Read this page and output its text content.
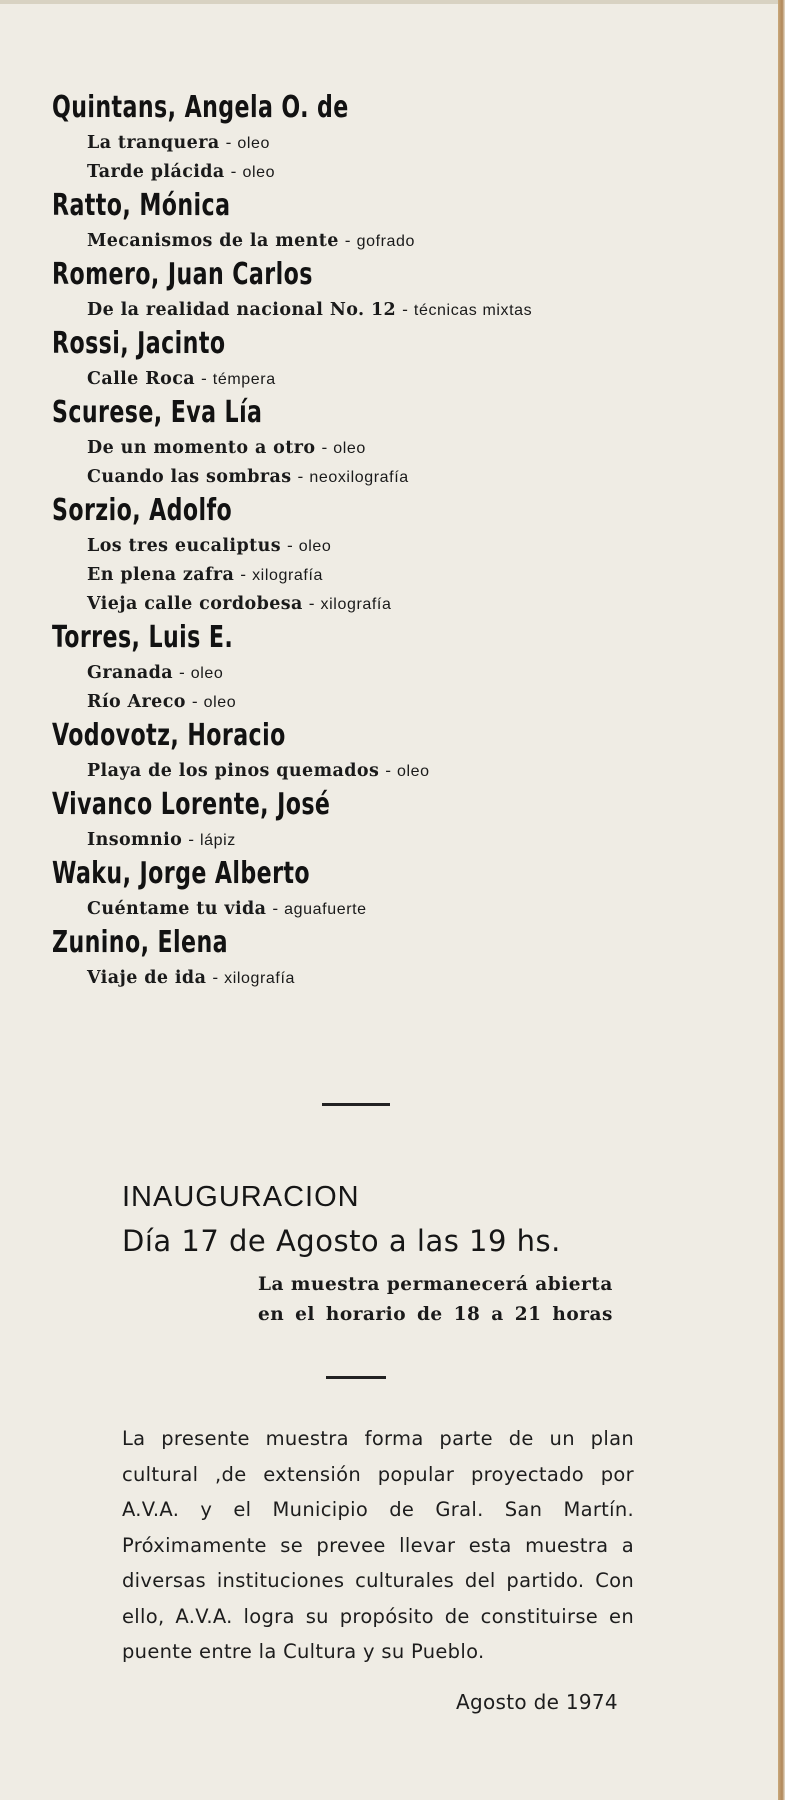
Quintans, Angela O. de
La tranquera - oleo
Tarde plácida - oleo
Ratto, Mónica
Mecanismos de la mente - gofrado
Romero, Juan Carlos
De la realidad nacional No. 12 - técnicas mixtas
Rossi, Jacinto
Calle Roca - témpera
Scurese, Eva Lía
De un momento a otro - oleo
Cuando las sombras - neoxilografía
Sorzio, Adolfo
Los tres eucaliptus - oleo
En plena zafra - xilografía
Vieja calle cordobesa - xilografía
Torres, Luis E.
Granada - oleo
Río Areco - oleo
Vodovotz, Horacio
Playa de los pinos quemados - oleo
Vivanco Lorente, José
Insomnio - lápiz
Waku, Jorge Alberto
Cuéntame tu vida - aguafuerte
Zunino, Elena
Viaje de ida - xilografía
INAUGURACION
Día 17 de Agosto a las 19 hs.
La muestra permanecerá abierta
en el horario de 18 a 21 horas
La presente muestra forma parte de un plan cultural ,de extensión popular proyectado por A.V.A. y el Municipio de Gral. San Martín. Próximamente se prevee llevar esta muestra a diversas instituciones culturales del partido. Con ello, A.V.A. logra su propósito de constituirse en puente entre la Cultura y su Pueblo.
Agosto de 1974
